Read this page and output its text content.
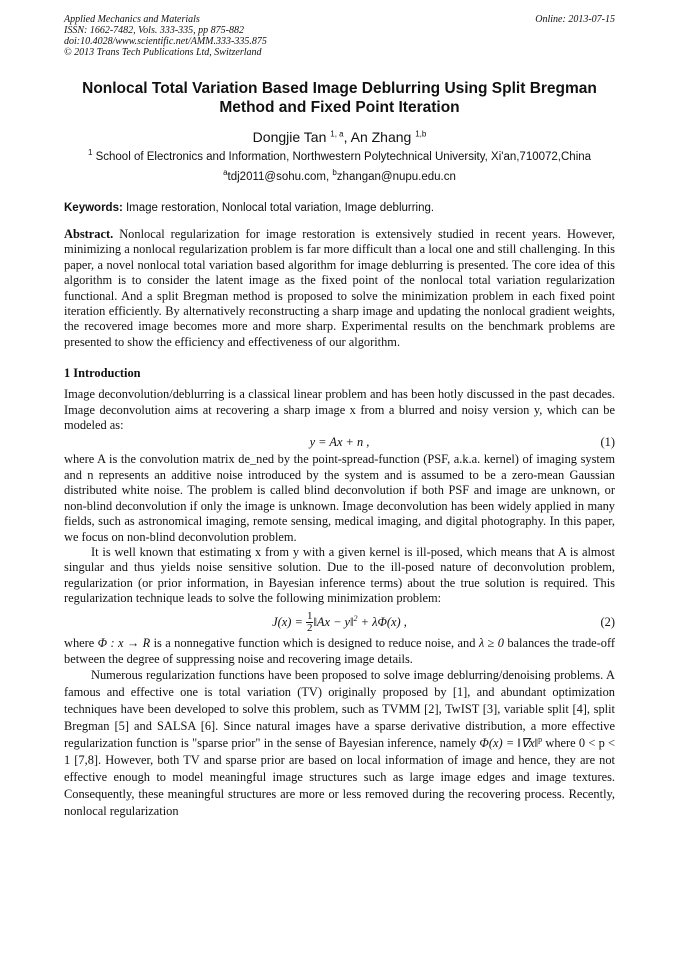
Applied Mechanics and Materials
ISSN: 1662-7482, Vols. 333-335, pp 875-882
doi:10.4028/www.scientific.net/AMM.333-335.875
© 2013 Trans Tech Publications Ltd, Switzerland
Online: 2013-07-15
Nonlocal Total Variation Based Image Deblurring Using Split Bregman
Method and Fixed Point Iteration
Dongjie Tan $^{1, a}$, An Zhang $^{1,b}$
$^1$ School of Electronics and Information, Northwestern Polytechnical University, Xi'an,710072,China
$^a$tdj2011@sohu.com, $^b$zhangan@nupu.edu.cn
Keywords: Image restoration, Nonlocal total variation, Image deblurring.
Abstract. Nonlocal regularization for image restoration is extensively studied in recent years. However, minimizing a nonlocal regularization problem is far more difficult than a local one and still challenging. In this paper, a novel nonlocal total variation based algorithm for image deblurring is presented. The core idea of this algorithm is to consider the latent image as the fixed point of the nonlocal total variation regularization functional. And a split Bregman method is proposed to solve the minimization problem in each fixed point iteration efficiently. By alternatively reconstructing a sharp image and updating the nonlocal gradient weights, the recovered image becomes more and more sharp. Experimental results on the benchmark problems are presented to show the efficiency and effectiveness of our algorithm.
1 Introduction
Image deconvolution/deblurring is a classical linear problem and has been hotly discussed in the past decades. Image deconvolution aims at recovering a sharp image x from a blurred and noisy version y, which can be modeled as:
y = Ax + n ,	(1)
where A is the convolution matrix de_ned by the point-spread-function (PSF, a.k.a. kernel) of imaging system and n represents an additive noise introduced by the system and is assumed to be a zero-mean Gaussian distributed white noise. The problem is called blind deconvolution if both PSF and image are unknown, or non-blind deconvolution if only the image is unknown. Image deconvolution has been widely applied in many fields, such as astronomical imaging, remote sensing, medical imaging, and digital photography. In this paper, we focus on non-blind deconvolution problem.
It is well known that estimating x from y with a given kernel is ill-posed, which means that A is almost singular and thus yields noise sensitive solution. Due to the ill-posed nature of deconvolution problem, regularization (or prior information, in Bayesian inference terms) about the true solution is required. This regularization technique leads to solve the following minimization problem:
$J(x) = \frac{1}{2}$ ‖Ax − y‖$^2$ + λΦ(x) ,	(2)
where Φ : x → R is a nonnegative function which is designed to reduce noise, and λ ≥ 0 balances the trade-off between the degree of suppressing noise and recovering image details.
Numerous regularization functions have been proposed to solve image deblurring/denoising problems. A famous and effective one is total variation (TV) originally proposed by [1], and abundant optimization techniques have been developed to solve this problem, such as TVMM [2], TwIST [3], variable split [4], split Bregman [5] and SALSA [6]. Since natural images have a sparse derivative distribution, a more effective regularization function is "sparse prior" in the sense of Bayesian inference, namely Φ(x) = ‖∇x‖$^p$ where 0 < p < 1 [7,8]. However, both TV and sparse prior are based on local information of image and hence, they are not effective enough to model meaningful image structures such as large image edges and image textures. Consequently, these meaningful structures are more or less removed during the recovering process. Recently, nonlocal regularization
